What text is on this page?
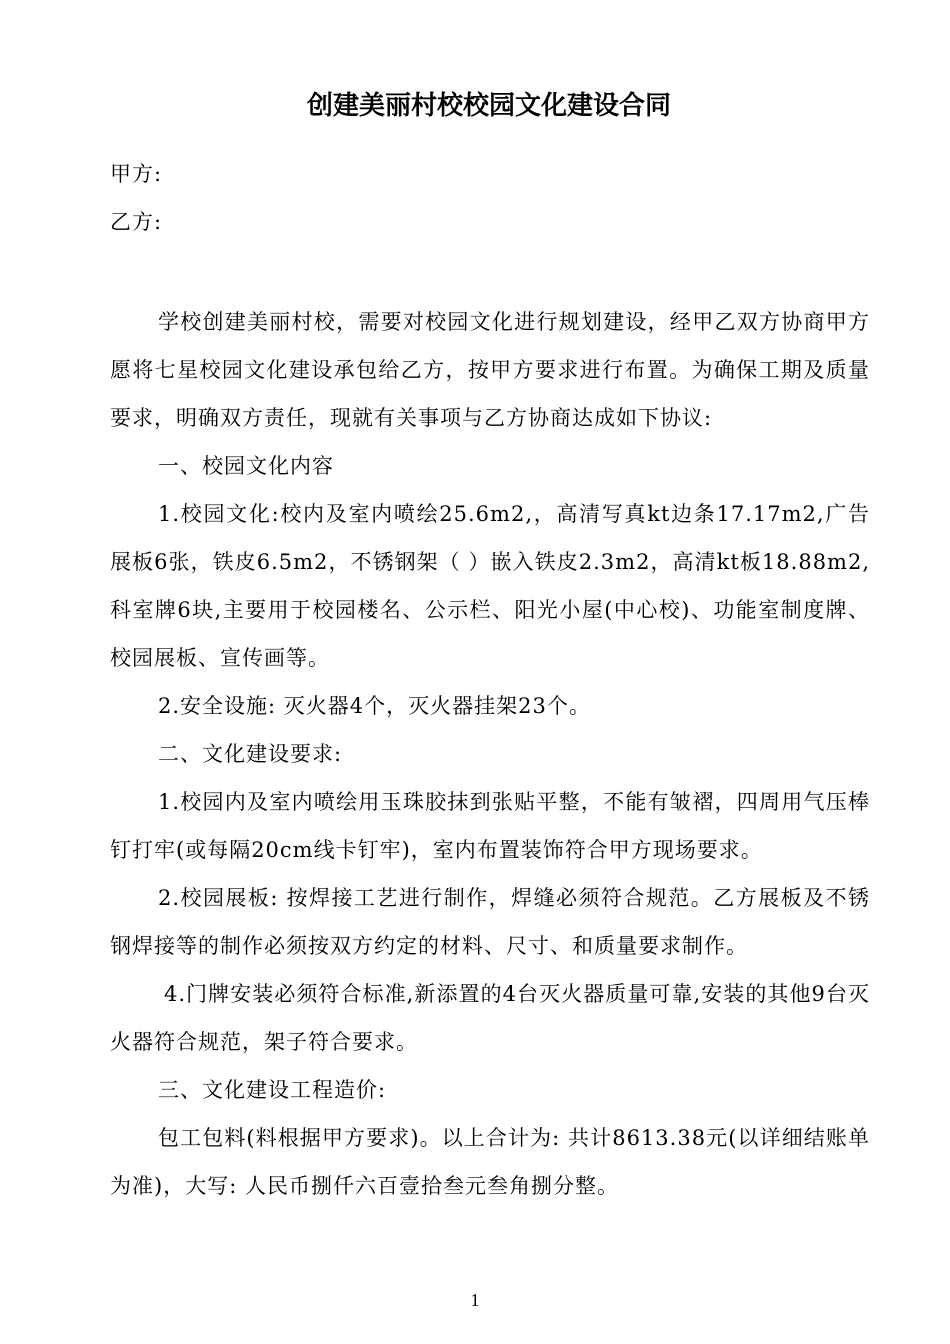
创建美丽村校校园文化建设合同
甲方:
乙方:

学校创建美丽村校，需要对校园文化进行规划建设，经甲乙双方协商甲方愿将七星校园文化建设承包给乙方，按甲方要求进行布置。为确保工期及质量要求，明确双方责任，现就有关事项与乙方协商达成如下协议:

一、校园文化内容

1.校园文化:校内及室内喷绘25.6m2,，高清写真kt边条17.17m2,广告展板6张，铁皮6.5m2，不锈钢架（ ）嵌入铁皮2.3m2，高清kt板18.88m2,科室牌6块,主要用于校园楼名、公示栏、阳光小屋(中心校)、功能室制度牌、校园展板、宣传画等。

2.安全设施: 灭火器4个，灭火器挂架23个。

二、文化建设要求:

1.校园内及室内喷绘用玉珠胶抹到张贴平整，不能有皱褶，四周用气压棒钉打牢(或每隔20cm线卡钉牢)，室内布置装饰符合甲方现场要求。

2.校园展板: 按焊接工艺进行制作，焊缝必须符合规范。乙方展板及不锈钢焊接等的制作必须按双方约定的材料、尺寸、和质量要求制作。

4.门牌安装必须符合标准,新添置的4台灭火器质量可靠,安装的其他9台灭火器符合规范，架子符合要求。

三、文化建设工程造价:

包工包料(料根据甲方要求)。以上合计为: 共计8613.38元(以详细结账单为准)，大写: 人民币捌仟六百壹拾叁元叁角捌分整。

1
